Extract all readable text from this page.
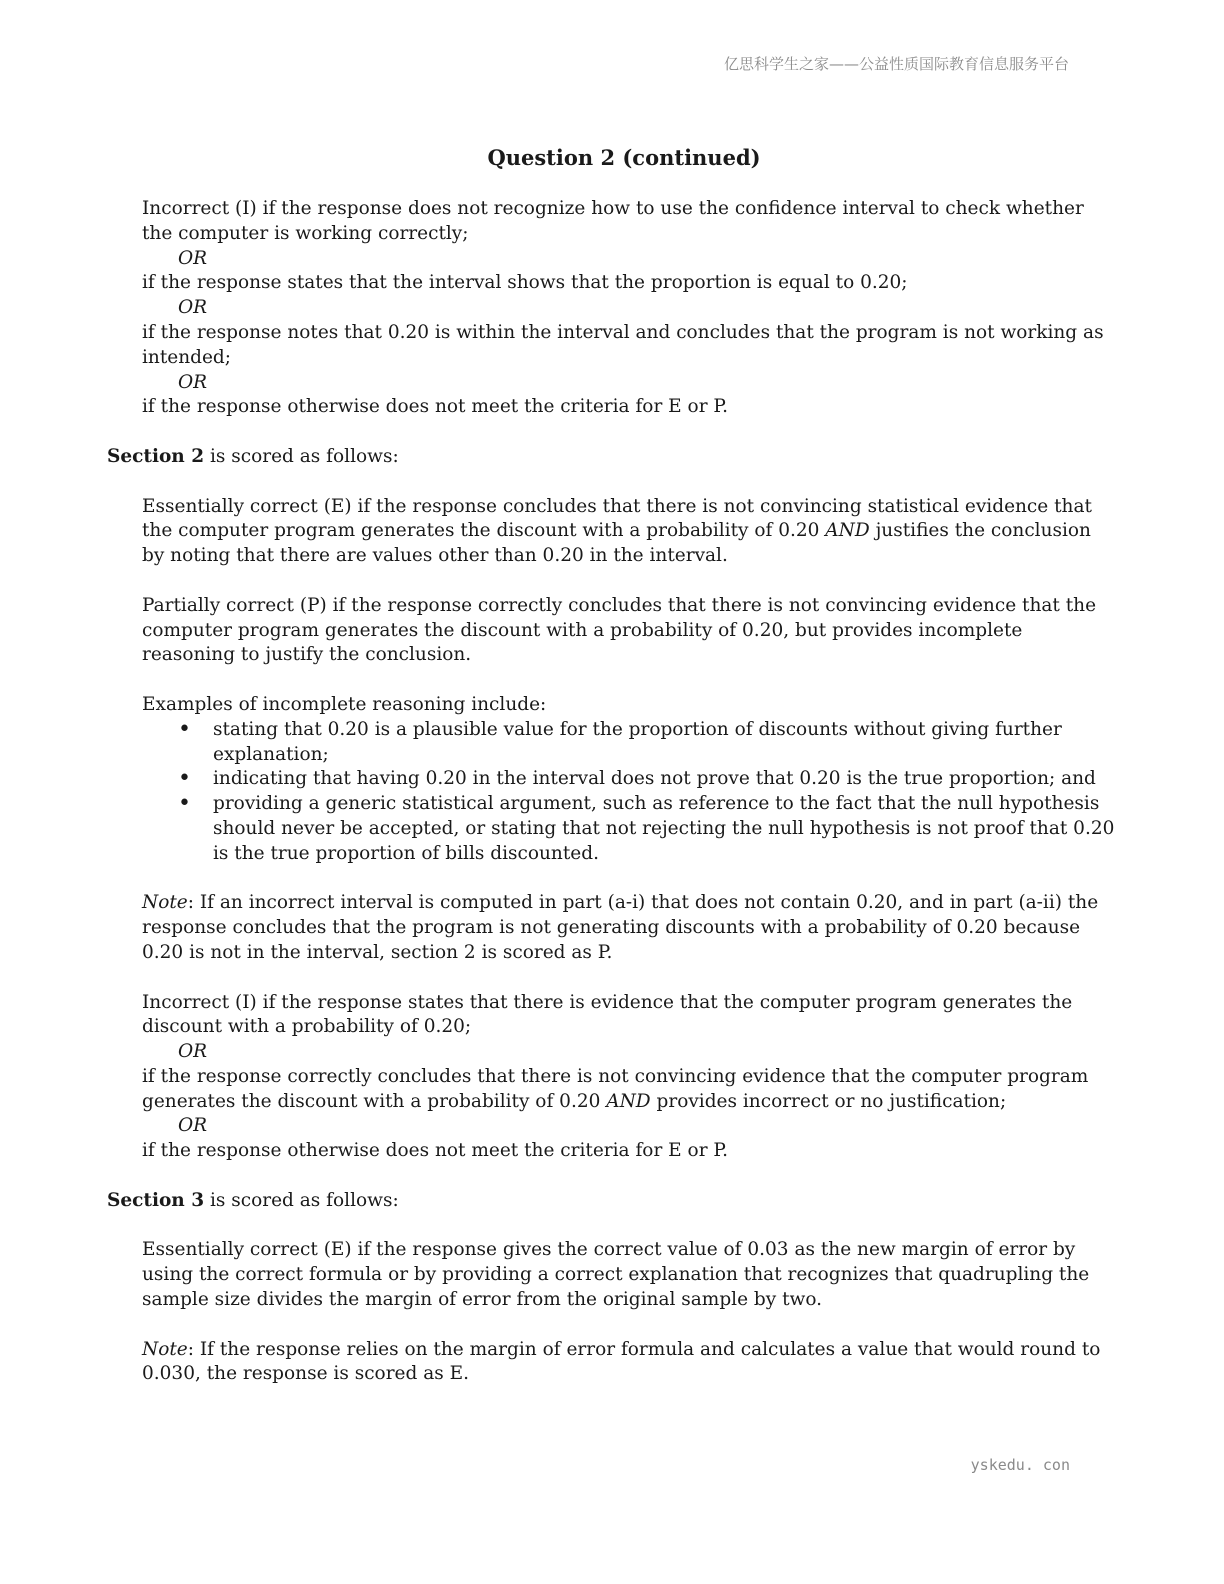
亿思科学生之家——公益性质国际教育信息服务平台
Question 2 (continued)

Incorrect (I) if the response does not recognize how to use the confidence interval to check whether the computer is working correctly;

OR

if the response states that the interval shows that the proportion is equal to 0.20;

OR

if the response notes that 0.20 is within the interval and concludes that the program is not working as intended;

OR

if the response otherwise does not meet the criteria for E or P.

Section 2 is scored as follows:

Essentially correct (E) if the response concludes that there is not convincing statistical evidence that the computer program generates the discount with a probability of 0.20 AND justifies the conclusion by noting that there are values other than 0.20 in the interval.

Partially correct (P) if the response correctly concludes that there is not convincing evidence that the computer program generates the discount with a probability of 0.20, but provides incomplete reasoning to justify the conclusion.

Examples of incomplete reasoning include:

• stating that 0.20 is a plausible value for the proportion of discounts without giving further explanation;
• indicating that having 0.20 in the interval does not prove that 0.20 is the true proportion; and
• providing a generic statistical argument, such as reference to the fact that the null hypothesis should never be accepted, or stating that not rejecting the null hypothesis is not proof that 0.20 is the true proportion of bills discounted.

Note: If an incorrect interval is computed in part (a-i) that does not contain 0.20, and in part (a-ii) the response concludes that the program is not generating discounts with a probability of 0.20 because 0.20 is not in the interval, section 2 is scored as P.

Incorrect (I) if the response states that there is evidence that the computer program generates the discount with a probability of 0.20;

OR

if the response correctly concludes that there is not convincing evidence that the computer program generates the discount with a probability of 0.20 AND provides incorrect or no justification;

OR

if the response otherwise does not meet the criteria for E or P.

Section 3 is scored as follows:

Essentially correct (E) if the response gives the correct value of 0.03 as the new margin of error by using the correct formula or by providing a correct explanation that recognizes that quadrupling the sample size divides the margin of error from the original sample by two.

Note: If the response relies on the margin of error formula and calculates a value that would round to 0.030, the response is scored as E.

yskedu. con
